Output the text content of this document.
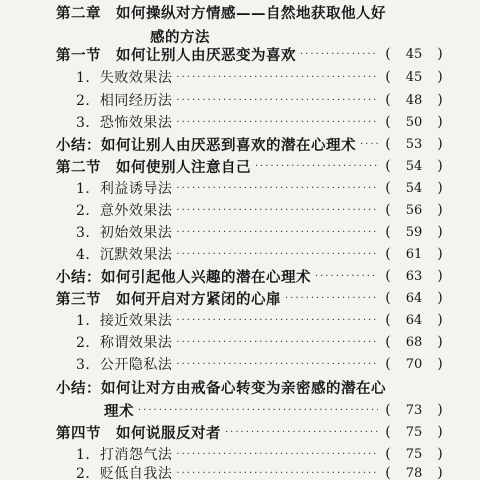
第二章　如何操纵对方情感——自然地获取他人好
感的方法
第一节　如何让别人由厌恶变为喜欢 ·····	(	45	)
1．失败效果法 ·····	(	45	)
2．相同经历法 ·····	(	48	)
3．恐怖效果法 ·····	(	50	)
小结：如何让别人由厌恶到喜欢的潜在心理术 ····· (	53	)
第二节　如何使别人注意自己 ·····	(	54	)
1．利益诱导法 ·····	(	54	)
2．意外效果法 ·····	(	56	)
3．初始效果法 ·····	(	59	)
4．沉默效果法 ·····	(	61	)
小结：如何引起他人兴趣的潜在心理术 ·····	(	63	)
第三节　如何开启对方紧闭的心扉 ·····	(	64	)
1．接近效果法 ·····	(	64	)
2．称谓效果法 ·····	(	68	)
3．公开隐私法 ·····	(	70	)
小结：如何让对方由戒备心转变为亲密感的潜在心
理术 ·····	(	73	)
第四节　如何说服反对者 ·····	(	75	)
1．打消怨气法 ·····	(	75	)
2．贬低自我法 ·····	(	78	)
